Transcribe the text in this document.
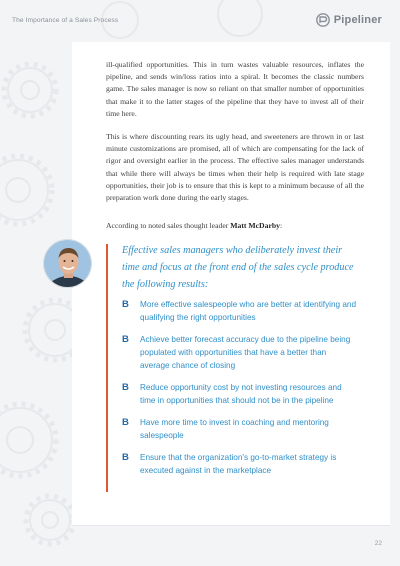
The Importance of a Sales Process	Pipeliner

ill-qualified opportunities. This in turn wastes valuable resources, inflates the pipeline, and sends win/loss ratios into a spiral. It becomes the classic numbers game. The sales manager is now so reliant on that smaller number of opportunities that make it to the latter stages of the pipeline that they have to invest all of their time here.

This is where discounting rears its ugly head, and sweeteners are thrown in or last minute customizations are promised, all of which are compensating for the lack of rigor and oversight earlier in the process. The effective sales manager understands that while there will always be times when their help is required with late stage opportunities, their job is to ensure that this is kept to a minimum because of all the preparation work done during the early stages.

According to noted sales thought leader Matt McDarby:

Effective sales managers who deliberately invest their time and focus at the front end of the sales cycle produce the following results:

B	More effective salespeople who are better at identifying and qualifying the right opportunities
B	Achieve better forecast accuracy due to the pipeline being populated with opportunities that have a better than average chance of closing
B	Reduce opportunity cost by not investing resources and time in opportunities that should not be in the pipeline
B	Have more time to invest in coaching and mentoring salespeople
B	Ensure that the organization's go-to-market strategy is executed against in the marketplace
22
